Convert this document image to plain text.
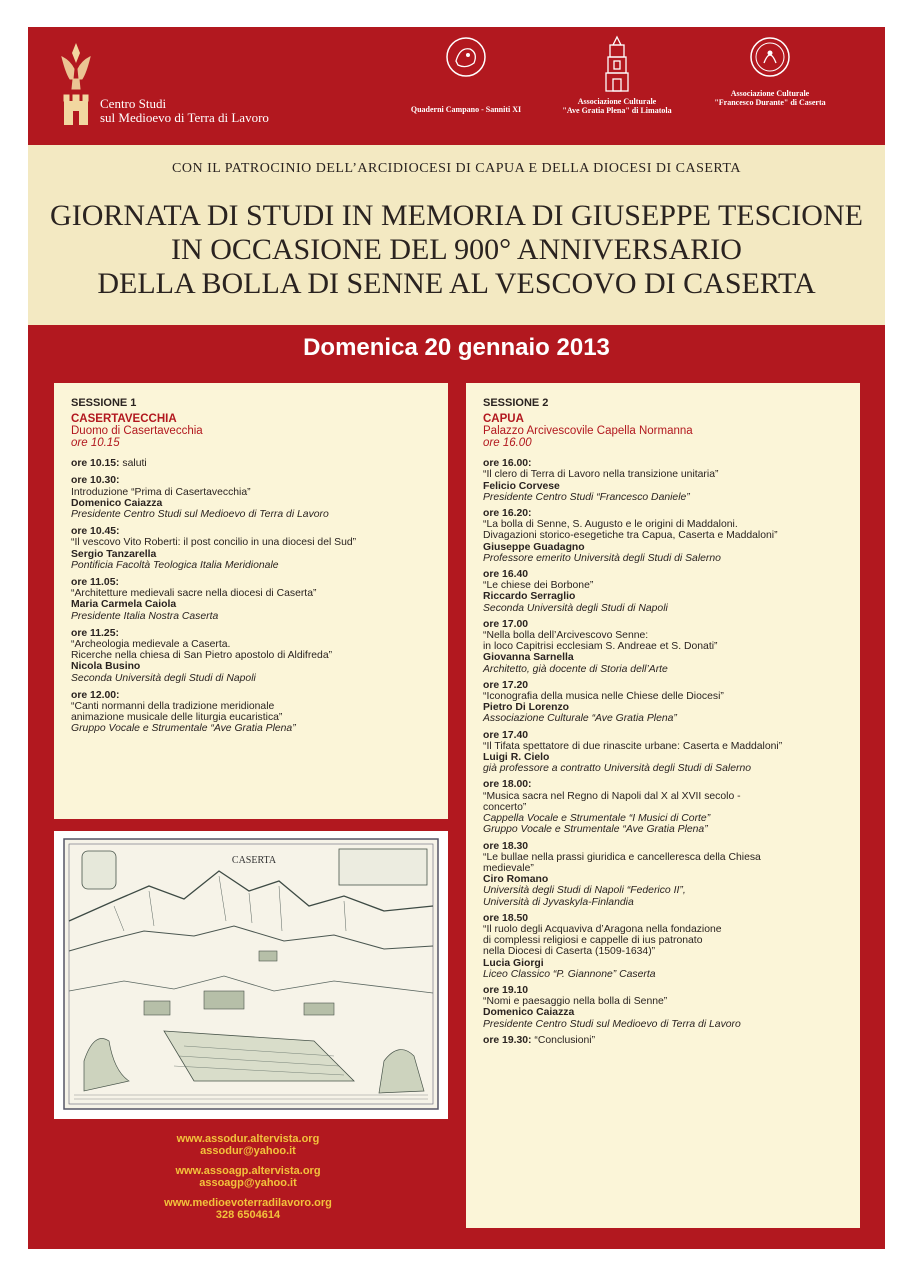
Centro Studi
sul Medioevo di Terra di Lavoro
Quaderni Campano - Sanniti XI
Associazione Culturale
"Ave Gratia Plena" di Limatola
Associazione Culturale
"Francesco Durante" di Caserta
CON IL PATROCINIO DELL’ARCIDIOCESI DI CAPUA E DELLA DIOCESI DI CASERTA
GIORNATA DI STUDI IN MEMORIA DI GIUSEPPE TESCIONE
IN OCCASIONE DEL 900° ANNIVERSARIO
DELLA BOLLA DI SENNE AL VESCOVO DI CASERTA
Domenica 20 gennaio 2013
SESSIONE 1
CASERTAVECCHIA
Duomo di Casertavecchia
ore 10.15
ore 10.15: saluti
ore 10.30:
Introduzione “Prima di Casertavecchia”
Domenico Caiazza
Presidente Centro Studi sul Medioevo di Terra di Lavoro
ore 10.45:
“Il vescovo Vito Roberti: il post concilio in una diocesi del Sud”
Sergio Tanzarella
Pontificia Facoltà Teologica Italia Meridionale
ore 11.05:
“Architetture medievali sacre nella diocesi di Caserta”
Maria Carmela Caiola
Presidente Italia Nostra Caserta
ore 11.25:
“Archeologia medievale a Caserta.
Ricerche nella chiesa di San Pietro apostolo di Aldifreda”
Nicola Busino
Seconda Università degli Studi di Napoli
ore 12.00:
“Canti normanni della tradizione meridionale
animazione musicale delle liturgia eucaristica”
Gruppo Vocale e Strumentale “Ave Gratia Plena”
CASERTA
www.assodur.altervista.org
assodur@yahoo.it
www.assoagp.altervista.org
assoagp@yahoo.it
www.medioevoterradilavoro.org
328 6504614
SESSIONE 2
CAPUA
Palazzo Arcivescovile Capella Normanna
ore 16.00
ore 16.00:
“Il clero di Terra di Lavoro nella transizione unitaria”
Felicio Corvese
Presidente Centro Studi “Francesco Daniele”
ore 16.20:
“La bolla di Senne, S. Augusto e le origini di Maddaloni.
Divagazioni storico-esegetiche tra Capua, Caserta e Maddaloni”
Giuseppe Guadagno
Professore emerito Università degli Studi di Salerno
ore 16.40
“Le chiese dei Borbone”
Riccardo Serraglio
Seconda Università degli Studi di Napoli
ore 17.00
“Nella bolla dell’Arcivescovo Senne:
in loco Capitrisi ecclesiam S. Andreae et S. Donati”
Giovanna Sarnella
Architetto, già docente di Storia dell’Arte
ore 17.20
“Iconografia della musica nelle Chiese delle Diocesi”
Pietro Di Lorenzo
Associazione Culturale “Ave Gratia Plena”
ore 17.40
“Il Tifata spettatore di due rinascite urbane: Caserta e Maddaloni”
Luigi R. Cielo
già professore a contratto Università degli Studi di Salerno
ore 18.00:
“Musica sacra nel Regno di Napoli dal X al XVII secolo -
concerto”
Cappella Vocale e Strumentale “I Musici di Corte”
Gruppo Vocale e Strumentale “Ave Gratia Plena”
ore 18.30
“Le bullae nella prassi giuridica e cancelleresca della Chiesa
medievale”
Ciro Romano
Università degli Studi di Napoli “Federico II”,
Università di Jyvaskyla-Finlandia
ore 18.50
“Il ruolo degli Acquaviva d’Aragona nella fondazione
di complessi religiosi e cappelle di ius patronato
nella Diocesi di Caserta (1509-1634)”
Lucia Giorgi
Liceo Classico “P. Giannone” Caserta
ore 19.10
“Nomi e paesaggio nella bolla di Senne”
Domenico Caiazza
Presidente Centro Studi sul Medioevo di Terra di Lavoro
ore 19.30: “Conclusioni”
